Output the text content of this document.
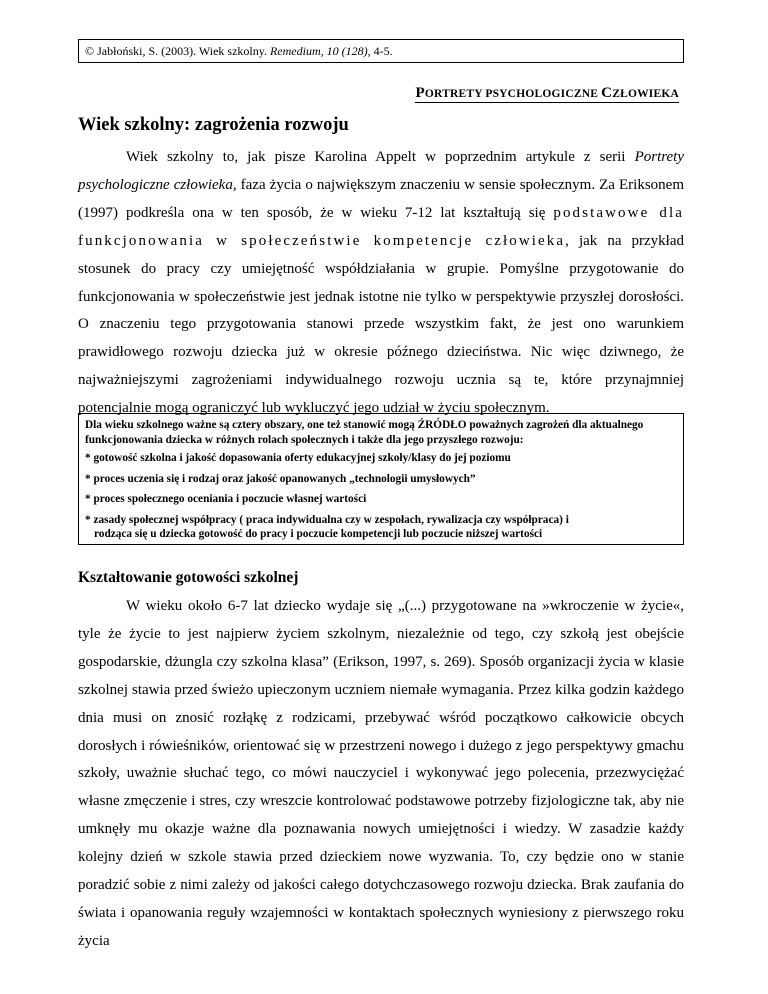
© Jabłoński, S. (2003). Wiek szkolny. Remedium, 10 (128), 4-5.
PORTRETY PSYCHOLOGICZNE CZŁOWIEKA
Wiek szkolny: zagrożenia rozwoju

Wiek szkolny to, jak pisze Karolina Appelt w poprzednim artykule z serii Portrety psychologiczne człowieka, faza życia o największym znaczeniu w sensie społecznym. Za Eriksonem (1997) podkreśla ona w ten sposób, że w wieku 7-12 lat kształtują się podstawowe dla funkcjonowania w społeczeństwie kompetencje człowieka, jak na przykład stosunek do pracy czy umiejętność współdziałania w grupie. Pomyślne przygotowanie do funkcjonowania w społeczeństwie jest jednak istotne nie tylko w perspektywie przyszłej dorosłości. O znaczeniu tego przygotowania stanowi przede wszystkim fakt, że jest ono warunkiem prawidłowego rozwoju dziecka już w okresie późnego dzieciństwa. Nic więc dziwnego, że najważniejszymi zagrożeniami indywidualnego rozwoju ucznia są te, które przynajmniej potencjalnie mogą ograniczyć lub wykluczyć jego udział w życiu społecznym.

Dla wieku szkolnego ważne są cztery obszary, one też stanowić mogą ŹRÓDŁO poważnych zagrożeń dla aktualnego funkcjonowania dziecka w różnych rolach społecznych i także dla jego przyszłego rozwoju:

* gotowość szkolna i jakość dopasowania oferty edukacyjnej szkoły/klasy do jej poziomu

* proces uczenia się i rodzaj oraz jakość opanowanych „technologii umysłowych”

* proces społecznego oceniania i poczucie własnej wartości

* zasady społecznej współpracy ( praca indywidualna czy w zespołach, rywalizacja czy współpraca) i
rodząca się u dziecka gotowość do pracy i poczucie kompetencji lub poczucie niższej wartości

Kształtowanie gotowości szkolnej

W wieku około 6-7 lat dziecko wydaje się „(...) przygotowane na »wkroczenie w życie«, tyle że życie to jest najpierw życiem szkolnym, niezależnie od tego, czy szkołą jest obejście gospodarskie, dżungla czy szkolna klasa” (Erikson, 1997, s. 269). Sposób organizacji życia w klasie szkolnej stawia przed świeżo upieczonym uczniem niemałe wymagania. Przez kilka godzin każdego dnia musi on znosić rozłąkę z rodzicami, przebywać wśród początkowo całkowicie obcych dorosłych i rówieśników, orientować się w przestrzeni nowego i dużego z jego perspektywy gmachu szkoły, uważnie słuchać tego, co mówi nauczyciel i wykonywać jego polecenia, przezwyciężać własne zmęczenie i stres, czy wreszcie kontrolować podstawowe potrzeby fizjologiczne tak, aby nie umknęły mu okazje ważne dla poznawania nowych umiejętności i wiedzy. W zasadzie każdy kolejny dzień w szkole stawia przed dzieckiem nowe wyzwania. To, czy będzie ono w stanie poradzić sobie z nimi zależy od jakości całego dotychczasowego rozwoju dziecka. Brak zaufania do świata i opanowania reguły wzajemności w kontaktach społecznych wyniesiony z pierwszego roku życia
